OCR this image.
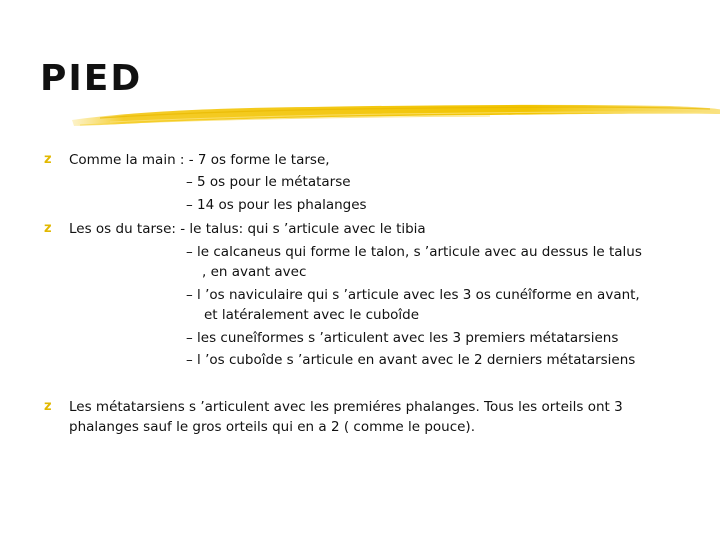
PIED
z Comme la main : - 7 os forme le tarse,
– 5 os pour le métatarse
– 14 os pour les phalanges
z Les os du tarse: - le talus: qui s ’articule avec le tibia
– le calcaneus qui forme le talon, s ’articule avec au dessus le talus
, en avant avec
– l ’os naviculaire qui s ’articule avec les 3 os cunéîforme en avant,
et latéralement avec le cuboîde
– les cuneîformes s ’articulent avec les 3 premiers métatarsiens
– l ’os cuboîde s ’articule en avant avec le 2 derniers métatarsiens
z Les métatarsiens s ’articulent avec les premiéres phalanges. Tous les orteils ont 3
phalanges sauf le gros orteils qui en a 2 ( comme le pouce).
